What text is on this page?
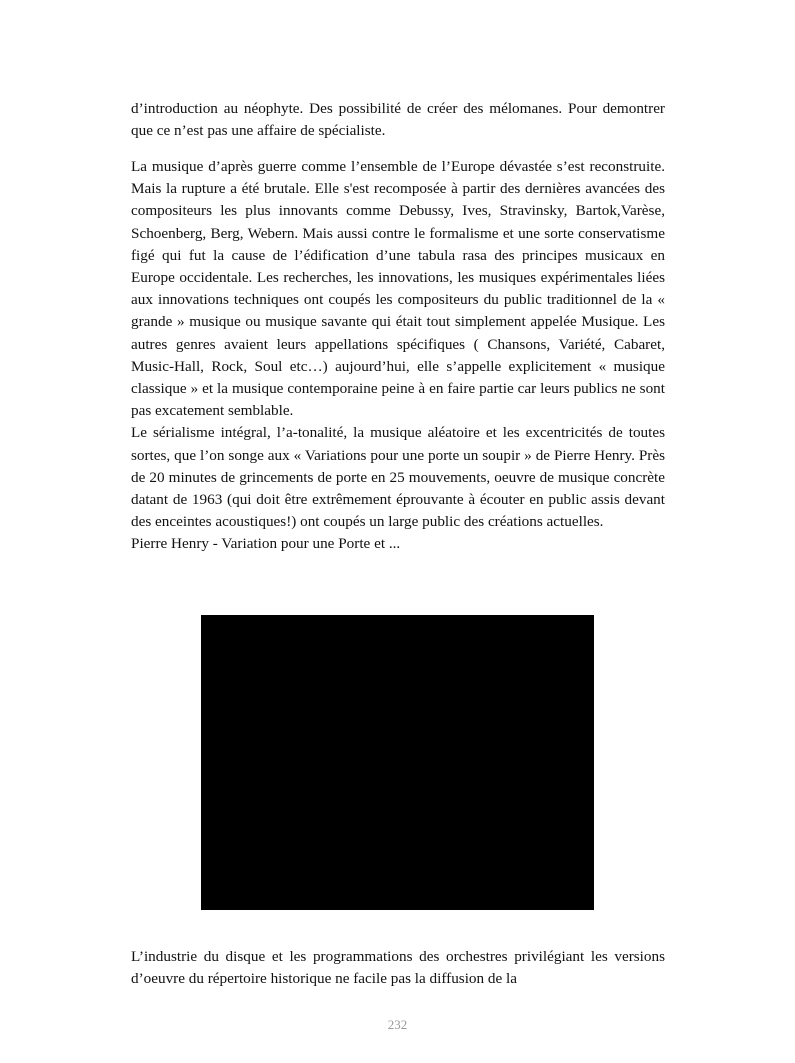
d’introduction au néophyte. Des possibilité de créer des mélomanes. Pour demontrer que ce n’est pas une affaire de spécialiste.

La musique d’après guerre comme l’ensemble de l’Europe dévastée s’est reconstruite. Mais la rupture a été brutale. Elle s'est recomposée à partir des dernières avancées des compositeurs les plus innovants comme Debussy, Ives, Stravinsky, Bartok,Varèse, Schoenberg, Berg, Webern. Mais aussi contre le formalisme et une sorte conservatisme figé qui fut la cause de l’édification d’une tabula rasa des principes musicaux en Europe occidentale. Les recherches, les innovations, les musiques expérimentales liées aux innovations techniques ont coupés les compositeurs du public traditionnel de la « grande » musique ou musique savante qui était tout simplement appelée Musique. Les autres genres avaient leurs appellations spécifiques ( Chansons, Variété, Cabaret, Music-Hall, Rock, Soul etc…) aujourd’hui, elle s’appelle explicitement « musique classique » et la musique contemporaine peine à en faire partie car leurs publics ne sont pas excatement semblable.

Le sérialisme intégral, l’a-tonalité, la musique aléatoire et les excentricités de toutes sortes, que l’on songe aux « Variations pour une porte un soupir » de Pierre Henry. Près de 20 minutes de grincements de porte en 25 mouvements, oeuvre de musique concrète datant de 1963 (qui doit être extrêmement éprouvante à écouter en public assis devant des enceintes acoustiques!) ont coupés un large public des créations actuelles.

Pierre Henry - Variation pour une Porte et ...

L’industrie du disque et les programmations des orchestres privilégiant les versions d’oeuvre du répertoire historique ne facile pas la diffusion de la

232
